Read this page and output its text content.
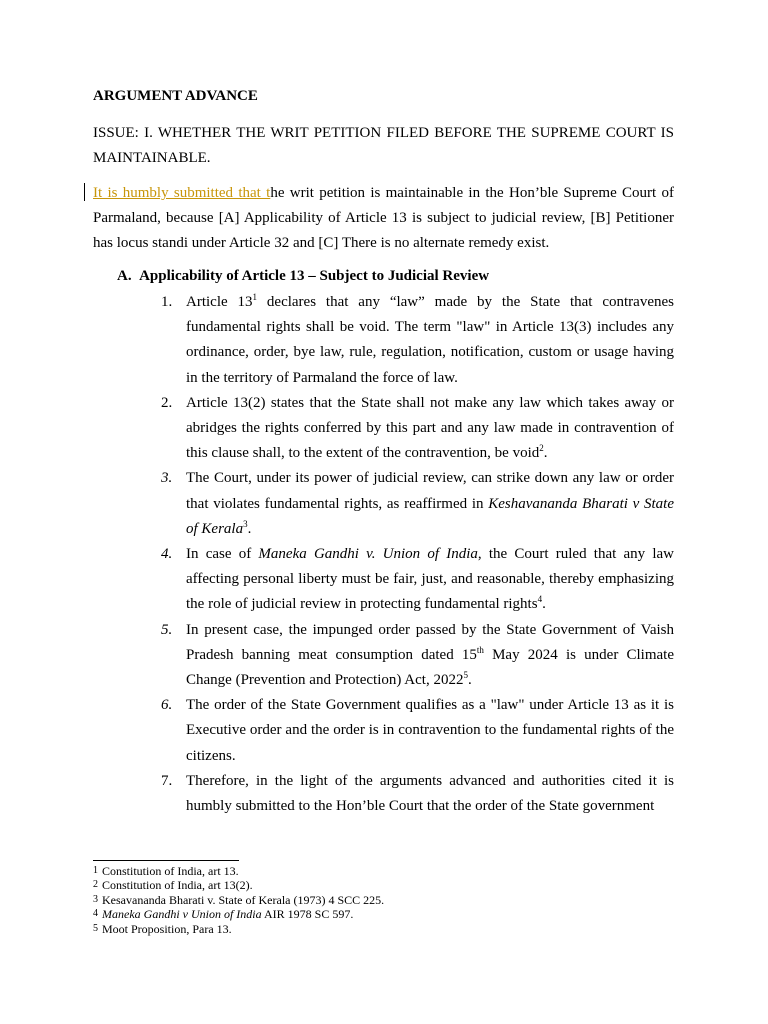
ARGUMENT ADVANCE
ISSUE: I. WHETHER THE WRIT PETITION FILED BEFORE THE SUPREME COURT IS MAINTAINABLE.
It is humbly submitted that the writ petition is maintainable in the Hon’ble Supreme Court of Parmaland, because [A] Applicability of Article 13 is subject to judicial review, [B] Petitioner has locus standi under Article 32 and [C] There is no alternate remedy exist.
A. Applicability of Article 13 – Subject to Judicial Review
1. Article $13^1$ declares that any “law” made by the State that contravenes fundamental rights shall be void. The term "law" in Article 13(3) includes any ordinance, order, bye law, rule, regulation, notification, custom or usage having in the territory of Parmaland the force of law.
2. Article 13(2) states that the State shall not make any law which takes away or abridges the rights conferred by this part and any law made in contravention of this clause shall, to the extent of the contravention, be void$^2$.
3. The Court, under its power of judicial review, can strike down any law or order that violates fundamental rights, as reaffirmed in Keshavananda Bharati v State of Kerala$^3$.
4. In case of Maneka Gandhi v. Union of India, the Court ruled that any law affecting personal liberty must be fair, just, and reasonable, thereby emphasizing the role of judicial review in protecting fundamental rights$^4$.
5. In present case, the impunged order passed by the State Government of Vaish Pradesh banning meat consumption dated 15th May 2024 is under Climate Change (Prevention and Protection) Act, 2022$^5$.
6. The order of the State Government qualifies as a "law" under Article 13 as it is Executive order and the order is in contravention to the fundamental rights of the citizens.
7. Therefore, in the light of the arguments advanced and authorities cited it is humbly submitted to the Hon’ble Court that the order of the State government
1 Constitution of India, art 13.
2 Constitution of India, art 13(2).
3 Kesavananda Bharati v. State of Kerala (1973) 4 SCC 225.
4 Maneka Gandhi v Union of India AIR 1978 SC 597.
5 Moot Proposition, Para 13.
